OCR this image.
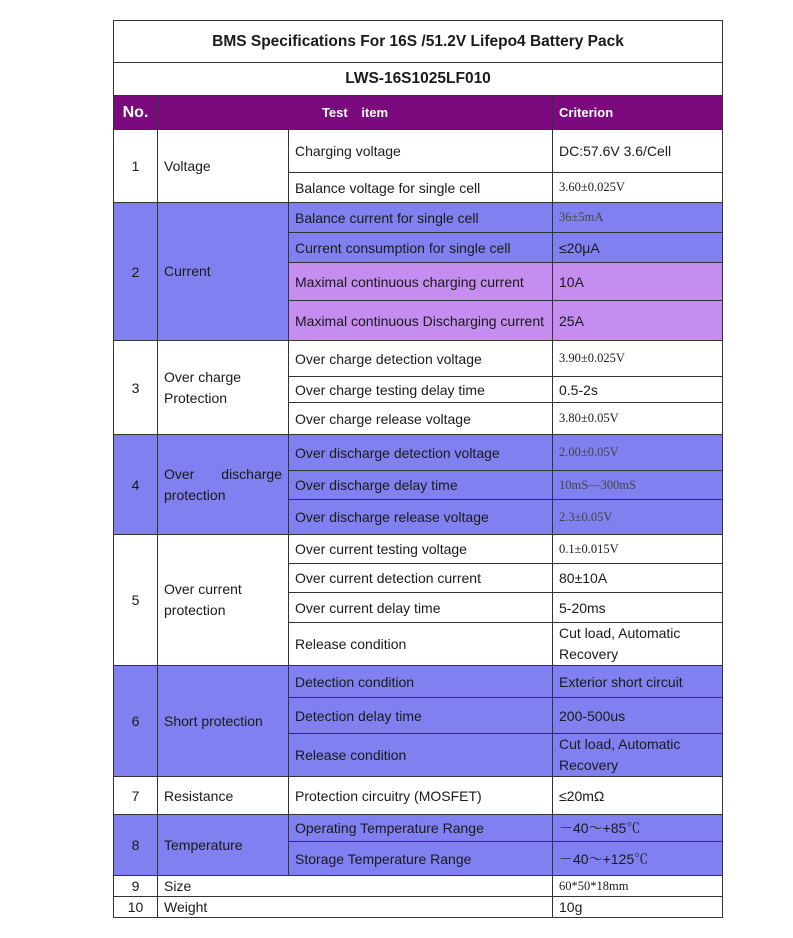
BMS Specifications For 16S /51.2V Lifepo4 Battery Pack			
LWS-16S1025LF010			
No.	Test item		Criterion
1	Voltage	Charging voltage	DC:57.6V 3.6/Cell
		Balance voltage for single cell	3.60±0.025V
2	Current	Balance current for single cell	36±5mA
		Current consumption for single cell	≤20μA
		Maximal continuous charging current	10A
		Maximal continuous Discharging current	25A
3	Over charge Protection	Over charge detection voltage	3.90±0.025V
		Over charge testing delay time	0.5-2s
		Over charge release voltage	3.80±0.05V
4	Over discharge protection	Over discharge detection voltage	2.00±0.05V
		Over discharge delay time	10mS—300mS
		Over discharge release voltage	2.3±0.05V
5	Over current protection	Over current testing voltage	0.1±0.015V
		Over current detection current	80±10A
		Over current delay time	5-20ms
		Release condition	Cut load, Automatic Recovery
6	Short protection	Detection condition	Exterior short circuit
		Detection delay time	200-500us
		Release condition	Cut load, Automatic Recovery
7	Resistance	Protection circuitry (MOSFET)	≤20mΩ
8	Temperature	Operating Temperature Range	－40～+85℃
		Storage Temperature Range	－40～+125℃
9	Size		60*50*18mm
10	Weight		10g
